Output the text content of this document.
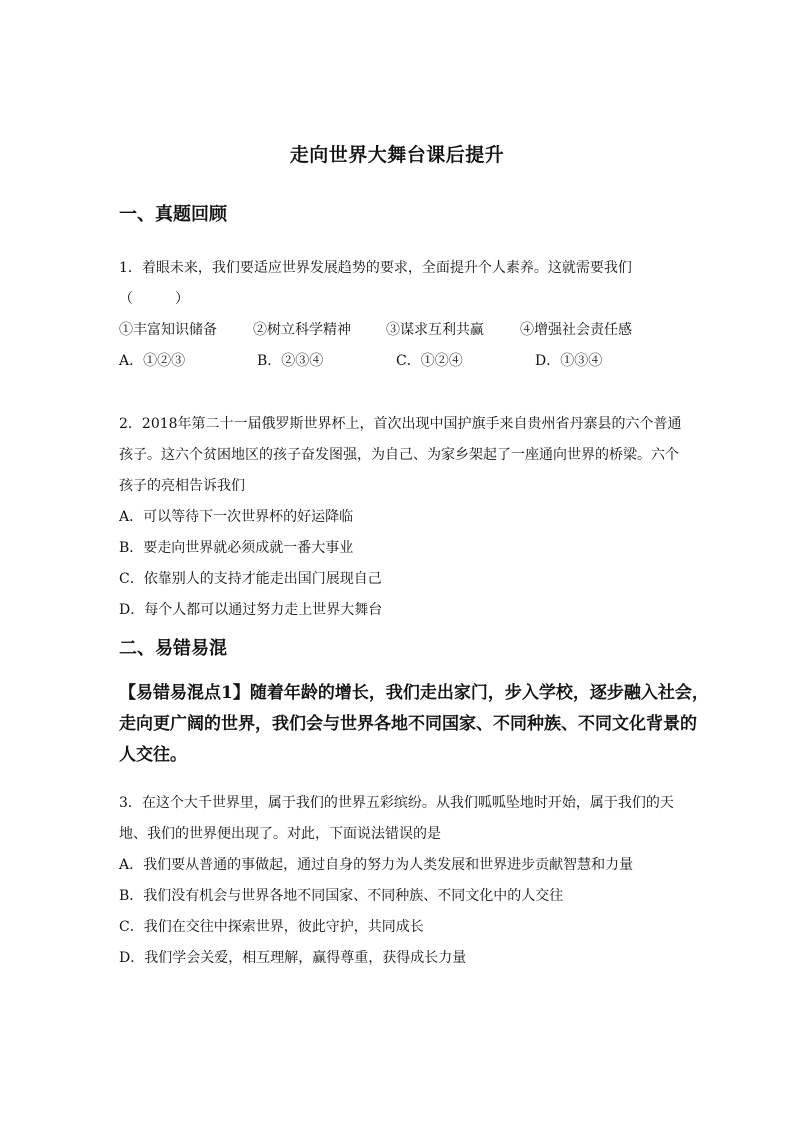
走向世界大舞台课后提升
一、真题回顾
1．着眼未来，我们要适应世界发展趋势的要求，全面提升个人素养。这就需要我们
（　　　）
①丰富知识储备	②树立科学精神	③谋求互利共赢	④增强社会责任感
A．①②③	B．②③④	C．①②④	D．①③④
2．2018年第二十一届俄罗斯世界杯上，首次出现中国护旗手来自贵州省丹寨县的六个普通
孩子。这六个贫困地区的孩子奋发图强，为自己、为家乡架起了一座通向世界的桥梁。六个
孩子的亮相告诉我们
A．可以等待下一次世界杯的好运降临
B．要走向世界就必须成就一番大事业
C．依靠别人的支持才能走出国门展现自己
D．每个人都可以通过努力走上世界大舞台
二、易错易混
【易错易混点1】随着年龄的增长，我们走出家门，步入学校，逐步融入社会，
走向更广阔的世界，我们会与世界各地不同国家、不同种族、不同文化背景的
人交往。
3．在这个大千世界里，属于我们的世界五彩缤纷。从我们呱呱坠地时开始，属于我们的天
地、我们的世界便出现了。对此，下面说法错误的是
A．我们要从普通的事做起，通过自身的努力为人类发展和世界进步贡献智慧和力量
B．我们没有机会与世界各地不同国家、不同种族、不同文化中的人交往
C．我们在交往中探索世界，彼此守护，共同成长
D．我们学会关爱，相互理解，赢得尊重，获得成长力量
